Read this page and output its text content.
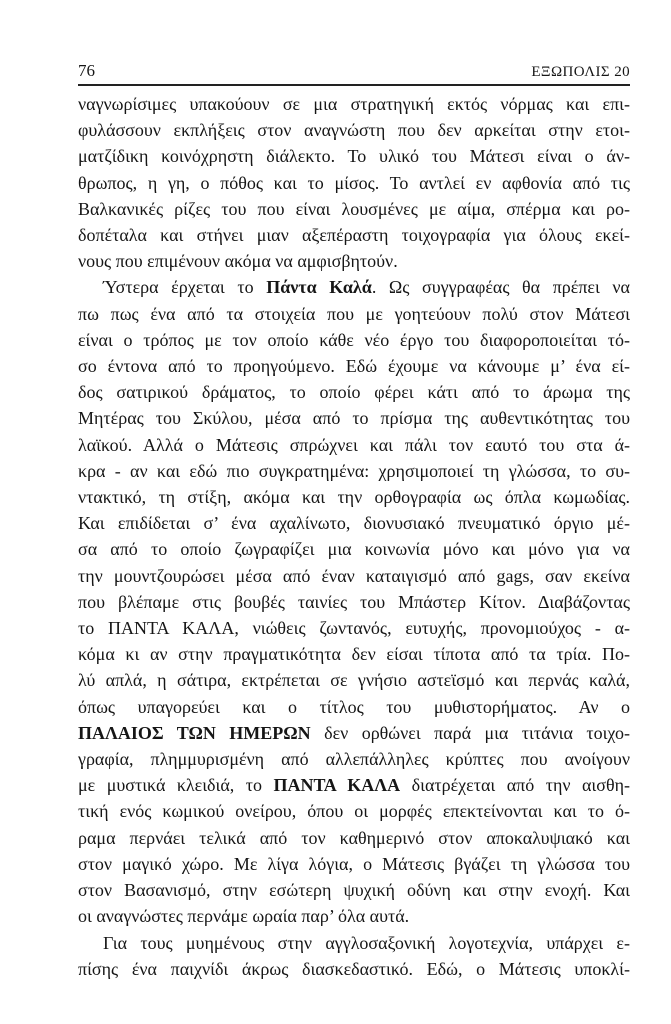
76	ΕΞΩΠΟΛΙΣ 20
ναγνωρίσιμες υπακούουν σε μια στρατηγική εκτός νόρμας και επι-
φυλάσσουν εκπλήξεις στον αναγνώστη που δεν αρκείται στην ετοι-
ματζίδικη κοινόχρηστη διάλεκτο. Το υλικό του Μάτεσι είναι ο άν-
θρωπος, η γη, ο πόθος και το μίσος. Το αντλεί εν αφθονία από τις
Βαλκανικές ρίζες του που είναι λουσμένες με αίμα, σπέρμα και ρο-
δοπέταλα και στήνει μιαν αξεπέραστη τοιχογραφία για όλους εκεί-
νους που επιμένουν ακόμα να αμφισβητούν.
Ύστερα έρχεται το Πάντα Καλά. Ως συγγραφέας θα πρέπει να
πω πως ένα από τα στοιχεία που με γοητεύουν πολύ στον Μάτεσι
είναι ο τρόπος με τον οποίο κάθε νέο έργο του διαφοροποιείται τό-
σο έντονα από το προηγούμενο. Εδώ έχουμε να κάνουμε μ’ ένα εί-
δος σατιρικού δράματος, το οποίο φέρει κάτι από το άρωμα της
Μητέρας του Σκύλου, μέσα από το πρίσμα της αυθεντικότητας του
λαϊκού. Αλλά ο Μάτεσις σπρώχνει και πάλι τον εαυτό του στα ά-
κρα - αν και εδώ πιο συγκρατημένα: χρησιμοποιεί τη γλώσσα, το συ-
ντακτικό, τη στίξη, ακόμα και την ορθογραφία ως όπλα κωμωδίας.
Και επιδίδεται σ’ ένα αχαλίνωτο, διονυσιακό πνευματικό όργιο μέ-
σα από το οποίο ζωγραφίζει μια κοινωνία μόνο και μόνο για να
την μουντζουρώσει μέσα από έναν καταιγισμό από gags, σαν εκείνα
που βλέπαμε στις βουβές ταινίες του Μπάστερ Κίτον. Διαβάζοντας
το ΠΑΝΤΑ ΚΑΛΑ, νιώθεις ζωντανός, ευτυχής, προνομιούχος - α-
κόμα κι αν στην πραγματικότητα δεν είσαι τίποτα από τα τρία. Πο-
λύ απλά, η σάτιρα, εκτρέπεται σε γνήσιο αστεϊσμό και περνάς καλά,
όπως υπαγορεύει και ο τίτλος του μυθιστορήματος. Αν ο
ΠΑΛΑΙΟΣ ΤΩΝ ΗΜΕΡΩΝ δεν ορθώνει παρά μια τιτάνια τοιχο-
γραφία, πλημμυρισμένη από αλλεπάλληλες κρύπτες που ανοίγουν
με μυστικά κλειδιά, το ΠΑΝΤΑ ΚΑΛΑ διατρέχεται από την αισθη-
τική ενός κωμικού ονείρου, όπου οι μορφές επεκτείνονται και το ό-
ραμα περνάει τελικά από τον καθημερινό στον αποκαλυψιακό και
στον μαγικό χώρο. Με λίγα λόγια, ο Μάτεσις βγάζει τη γλώσσα του
στον Βασανισμό, στην εσώτερη ψυχική οδύνη και στην ενοχή. Και
οι αναγνώστες περνάμε ωραία παρ’ όλα αυτά.
Για τους μυημένους στην αγγλοσαξονική λογοτεχνία, υπάρχει ε-
πίσης ένα παιχνίδι άκρως διασκεδαστικό. Εδώ, ο Μάτεσις υποκλί-
